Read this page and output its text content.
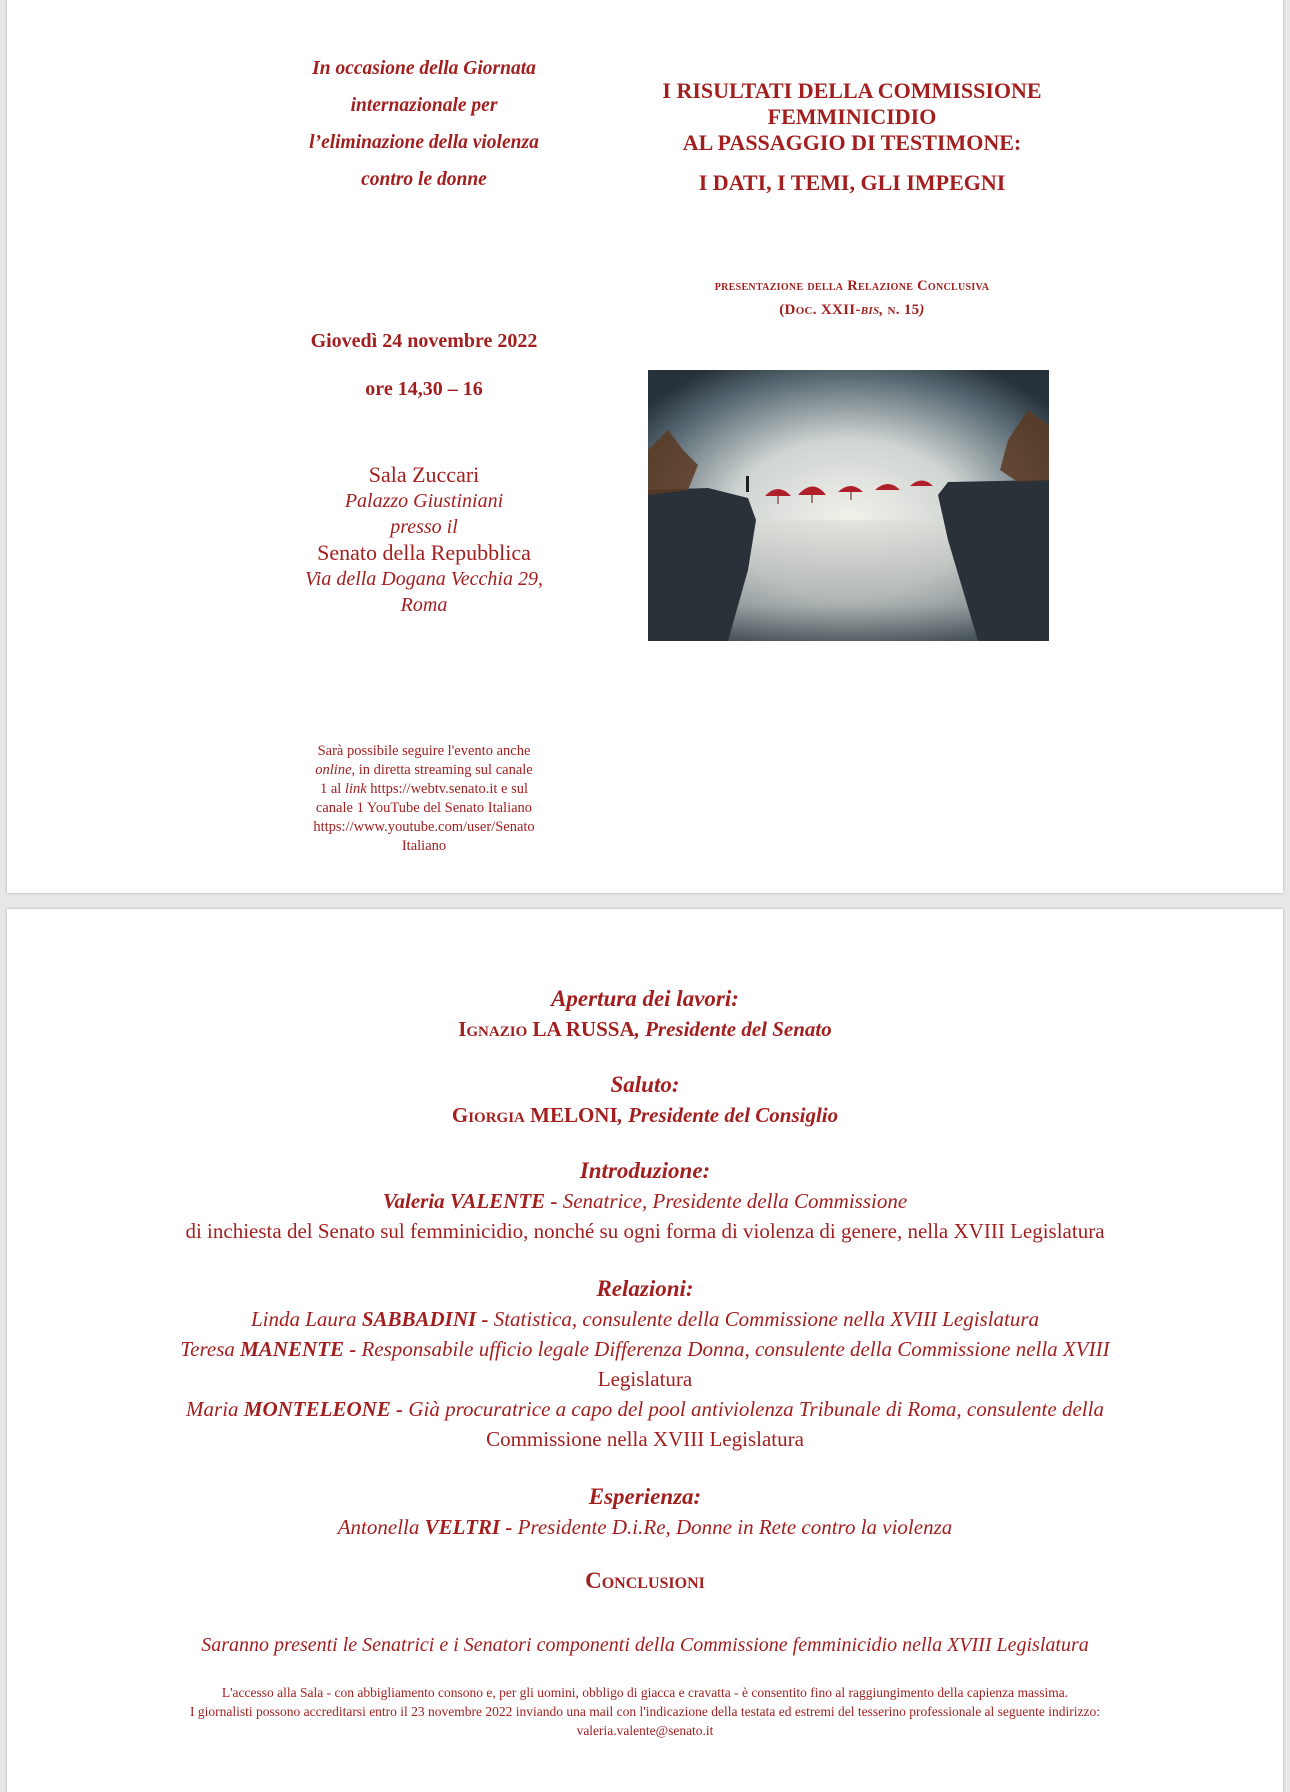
In occasione della Giornata
internazionale per
l’eliminazione della violenza
contro le donne
I RISULTATI DELLA COMMISSIONE
FEMMINICIDIO
AL PASSAGGIO DI TESTIMONE:
I DATI, I TEMI, GLI IMPEGNI
presentazione della Relazione Conclusiva
(Doc. XXII-bis, n. 15)
Giovedì 24 novembre 2022
ore 14,30 – 16
Sala Zuccari
Palazzo Giustiniani
presso il
Senato della Repubblica
Via della Dogana Vecchia 29,
Roma
Sarà possibile seguire l'evento anche
online, in diretta streaming sul canale
1 al link https://webtv.senato.it e sul
canale 1 YouTube del Senato Italiano
https://www.youtube.com/user/Senato
Italiano
Apertura dei lavori:
Ignazio LA RUSSA, Presidente del Senato
Saluto:
Giorgia MELONI, Presidente del Consiglio
Introduzione:
Valeria VALENTE - Senatrice, Presidente della Commissione
di inchiesta del Senato sul femminicidio, nonché su ogni forma di violenza di genere, nella XVIII Legislatura
Relazioni:
Linda Laura SABBADINI - Statistica, consulente della Commissione nella XVIII Legislatura
Teresa MANENTE - Responsabile ufficio legale Differenza Donna, consulente della Commissione nella XVIII
Legislatura
Maria MONTELEONE - Già procuratrice a capo del pool antiviolenza Tribunale di Roma, consulente della
Commissione nella XVIII Legislatura
Esperienza:
Antonella VELTRI - Presidente D.i.Re, Donne in Rete contro la violenza
Conclusioni
Saranno presenti le Senatrici e i Senatori componenti della Commissione femminicidio nella XVIII Legislatura
L'accesso alla Sala - con abbigliamento consono e, per gli uomini, obbligo di giacca e cravatta - è consentito fino al raggiungimento della capienza massima.
I giornalisti possono accreditarsi entro il 23 novembre 2022 inviando una mail con l'indicazione della testata ed estremi del tesserino professionale al seguente indirizzo:
valeria.valente@senato.it
